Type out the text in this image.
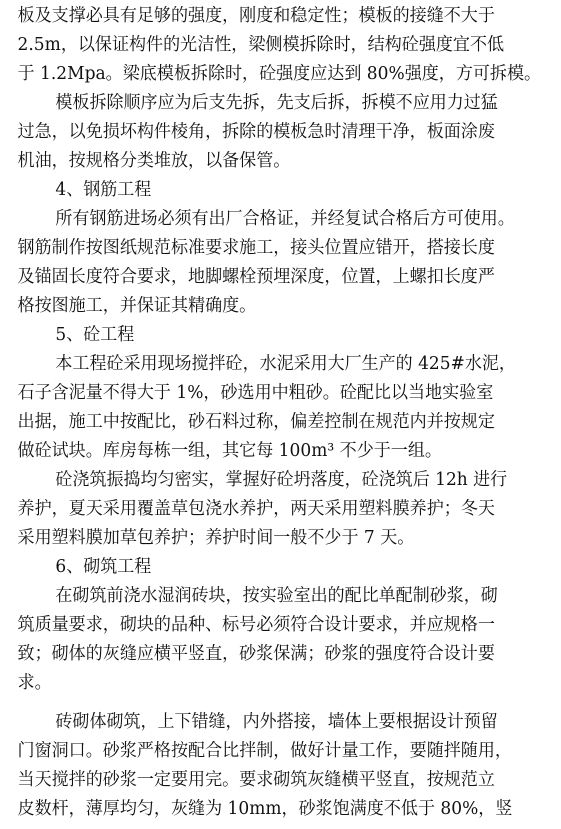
板及支撑必具有足够的强度，刚度和稳定性；模板的接缝不大于
2.5m，以保证构件的光洁性，梁侧模拆除时，结构砼强度宜不低
于 1.2Mpa。梁底模板拆除时，砼强度应达到 80%强度，方可拆模。
模板拆除顺序应为后支先拆，先支后拆，拆模不应用力过猛
过急，以免损坏构件棱角，拆除的模板急时清理干净，板面涂废
机油，按规格分类堆放，以备保管。
4、钢筋工程
所有钢筋进场必须有出厂合格证，并经复试合格后方可使用。
钢筋制作按图纸规范标准要求施工，接头位置应错开，搭接长度
及锚固长度符合要求，地脚螺栓预埋深度，位置，上螺扣长度严
格按图施工，并保证其精确度。
5、砼工程
本工程砼采用现场搅拌砼，水泥采用大厂生产的 425#水泥，
石子含泥量不得大于 1%，砂选用中粗砂。砼配比以当地实验室
出据，施工中按配比，砂石料过称，偏差控制在规范内并按规定
做砼试块。库房每栋一组，其它每 100m³ 不少于一组。
砼浇筑振捣均匀密实，掌握好砼坍落度，砼浇筑后 12h 进行
养护，夏天采用覆盖草包浇水养护，两天采用塑料膜养护；冬天
采用塑料膜加草包养护；养护时间一般不少于 7 天。
6、砌筑工程
在砌筑前浇水湿润砖块，按实验室出的配比单配制砂浆，砌
筑质量要求，砌块的品种、标号必须符合设计要求，并应规格一
致；砌体的灰缝应横平竖直，砂浆保满；砂浆的强度符合设计要
求。
砖砌体砌筑，上下错缝，内外搭接，墙体上要根据设计预留
门窗洞口。砂浆严格按配合比拌制，做好计量工作，要随拌随用，
当天搅拌的砂浆一定要用完。要求砌筑灰缝横平竖直，按规范立
皮数杆，薄厚均匀，灰缝为 10mm，砂浆饱满度不低于 80%，竖
